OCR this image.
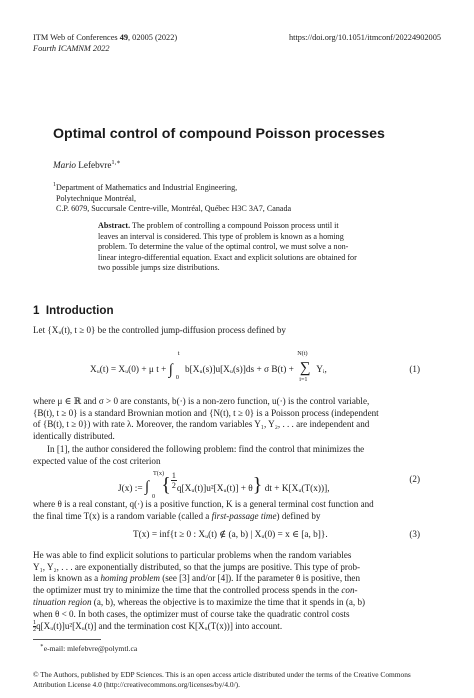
ITM Web of Conferences 49, 02005 (2022)
Fourth ICAMNM 2022
https://doi.org/10.1051/itmconf/20224902005
Optimal control of compound Poisson processes
Mario Lefebvre$^{1,∗}$
$^1$Department of Mathematics and Industrial Engineering,
Polytechnique Montréal,
C.P. 6079, Succursale Centre-ville, Montréal, Québec H3C 3A7, Canada
Abstract. The problem of controlling a compound Poisson process until it
leaves an interval is considered. This type of problem is known as a homing
problem. To determine the value of the optimal control, we must solve a non-
linear integro-differential equation. Exact and explicit solutions are obtained for
two possible jumps size distributions.
1 Introduction
Let {Xᵤ(t), t ≥ 0} be the controlled jump-diffusion process defined by
Xᵤ(t) = Xᵤ(0) + μ t + ∫
t
0
b[Xᵤ(s)]u[Xᵤ(s)]ds + σ B(t) + ∑
N(t)
i=1
Yᵢ,	(1)
where μ ∈ ℝ and σ > 0 are constants, b(·) is a non-zero function, u(·) is the control variable,
{B(t), t ≥ 0} is a standard Brownian motion and {N(t), t ≥ 0} is a Poisson process (independent
of {B(t), t ≥ 0}) with rate λ. Moreover, the random variables Y₁, Y₂, . . . are independent and
identically distributed.
In [1], the author considered the following problem: find the control that minimizes the
expected value of the cost criterion
J(x) := ∫
T(x)
0
{ $\frac{1}{2}$ q[Xᵤ(t)]u²[Xᵤ(t)] + θ} dt + K[Xᵤ(T(x))],
(2)
where θ is a real constant, q(·) is a positive function, K is a general terminal cost function and
the final time T(x) is a random variable (called a first-passage time) defined by
T(x) = inf{t ≥ 0 : Xᵤ(t) ∉ (a, b) | Xᵤ(0) = x ∈ [a, b]}.	(3)
He was able to find explicit solutions to particular problems when the random variables
Y₁, Y₂, . . . are exponentially distributed, so that the jumps are positive. This type of prob-
lem is known as a homing problem (see [3] and/or [4]). If the parameter θ is positive, then
the optimizer must try to minimize the time that the controlled process spends in the con-
tinuation region (a, b), whereas the objective is to maximize the time that it spends in (a, b)
when θ < 0. In both cases, the optimizer must of course take the quadratic control costs

$\frac{1}{2}$ q[Xᵤ(t)]u²[Xᵤ(t)] and the termination cost K[Xᵤ(T(x))] into account.
∗e-mail: mlefebvre@polymtl.ca
© The Authors, published by EDP Sciences. This is an open access article distributed under the terms of the Creative Commons
Attribution License 4.0 (http://creativecommons.org/licenses/by/4.0/).
